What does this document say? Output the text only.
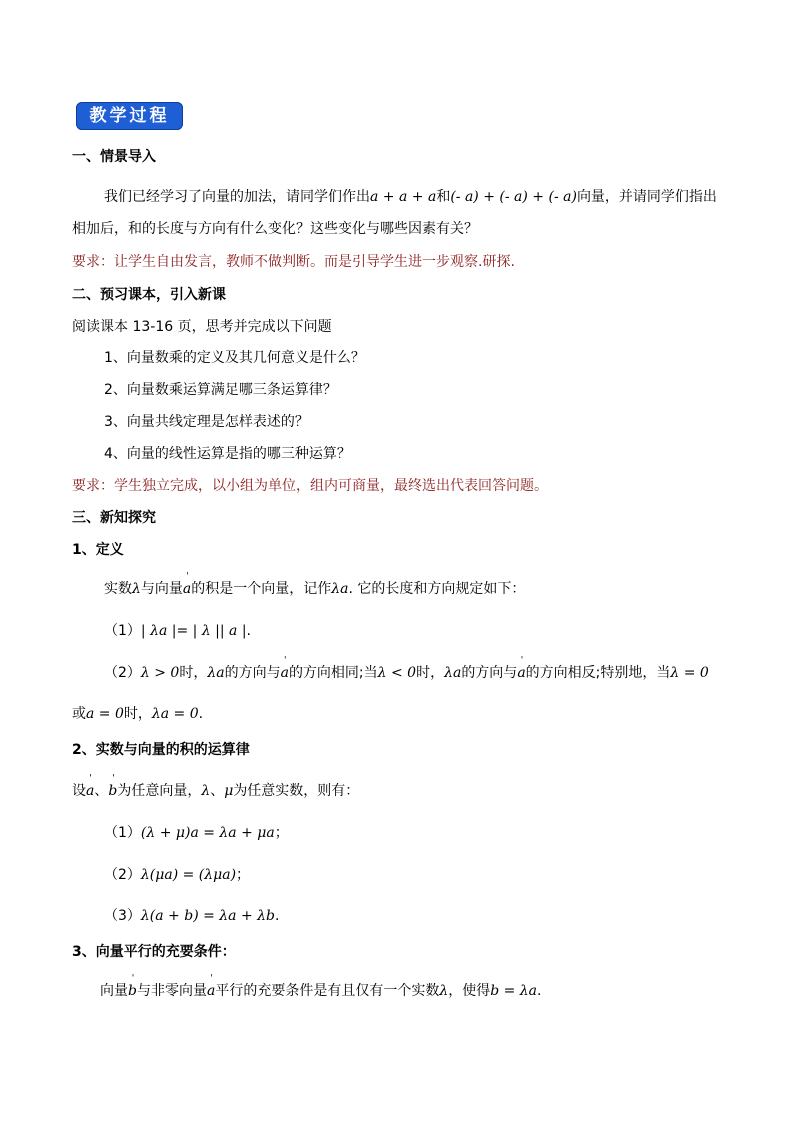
教学过程
一、情景导入
我们已经学习了向量的加法，请同学们作出a + a + a和(- a) + (- a) + (- a)向量，并请同学们指出
相加后，和的长度与方向有什么变化？这些变化与哪些因素有关？
要求：让学生自由发言，教师不做判断。而是引导学生进一步观察.研探.
二、预习课本，引入新课
阅读课本 13-16 页，思考并完成以下问题
1、向量数乘的定义及其几何意义是什么？
2、向量数乘运算满足哪三条运算律？
3、向量共线定理是怎样表述的？
4、向量的线性运算是指的哪三种运算？
要求：学生独立完成，以小组为单位，组内可商量，最终选出代表回答问题。
三、新知探究
1、定义
实数λ与向量' a的积是一个向量，记作λa. 它的长度和方向规定如下：
（1）| λa |= | λ || a |.
（2）λ > 0时，λa的方向与' a的方向相同;当λ < 0时，λa的方向与' a的方向相反;特别地，当λ = 0
或a = 0时，λa = 0.
2、实数与向量的积的运算律
设' a、' b为任意向量，λ、μ为任意实数，则有：
（1）(λ + μ)a = λa + μa；
（2）λ(μa) = (λμa)；
（3）λ(a + b) = λa + λb.
3、向量平行的充要条件：
向量' b与非零向量' a平行的充要条件是有且仅有一个实数λ，使得b = λa.
